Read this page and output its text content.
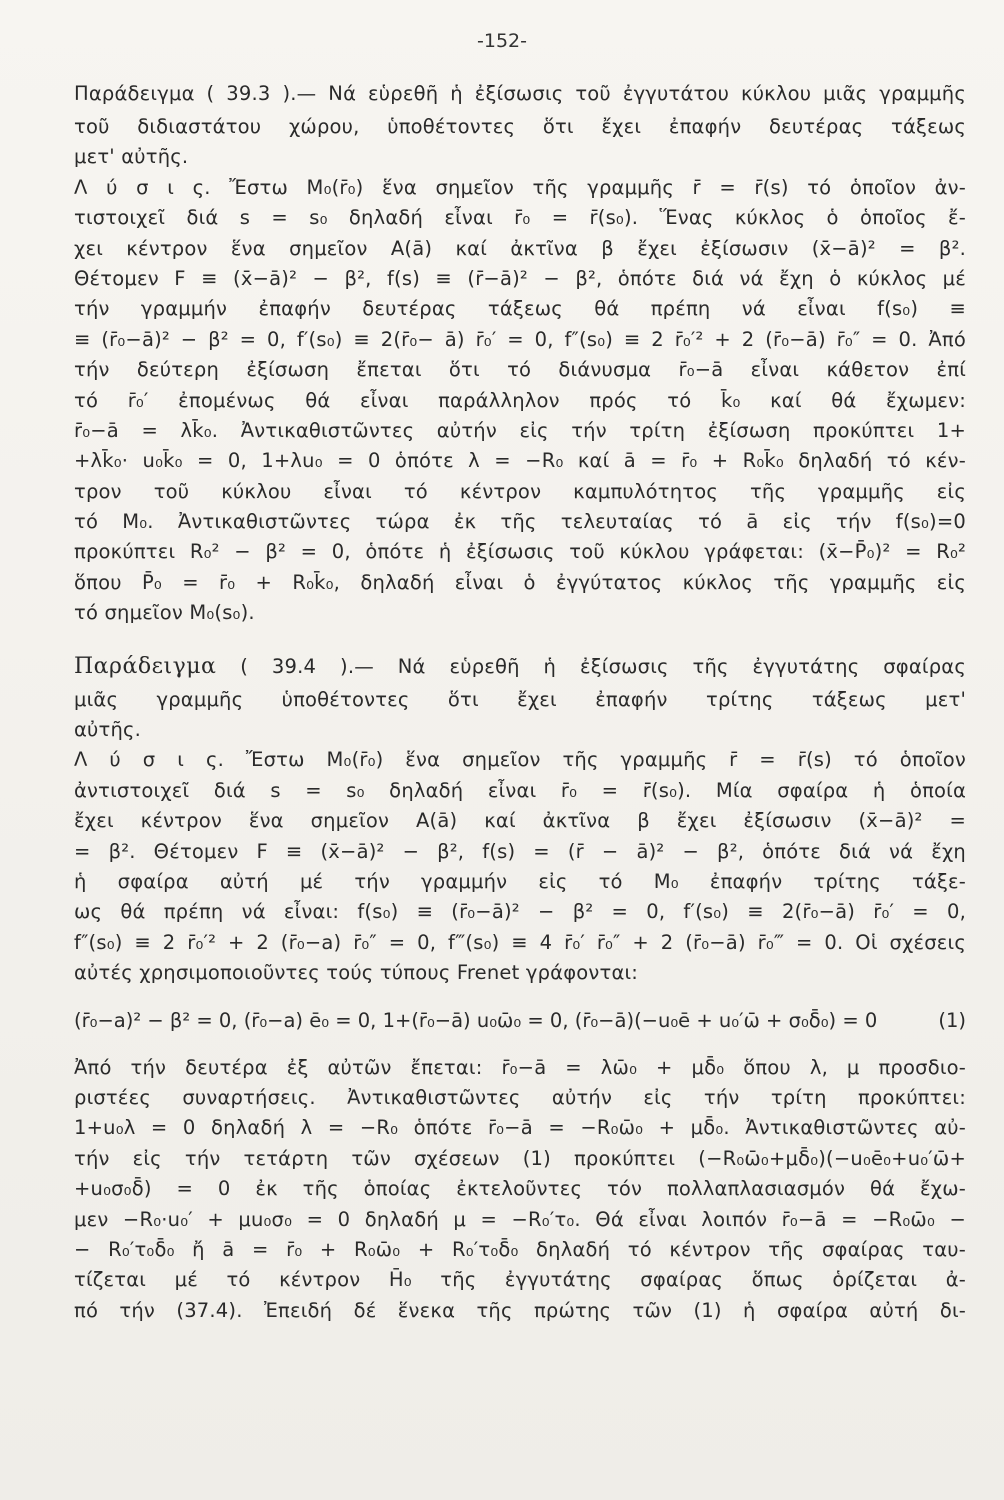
-152-
Παράδειγμα ( 39.3 ).— Νά εὑρεθῆ ἡ ἐξίσωσις τοῦ ἐγγυτάτου κύκλου μιᾶς γραμμῆς
τοῦ διδιαστάτου χώρου, ὑποθέτοντες ὅτι ἔχει ἐπαφήν δευτέρας τάξεως
μετ' αὐτῆς.
Λ ύ σ ι ς. Ἔστω M₀(r̄₀) ἕνα σημεῖον τῆς γραμμῆς r̄ = r̄(s) τό ὁποῖον ἀν-
τιστοιχεῖ διά s = s₀ δηλαδή εἶναι r̄₀ = r̄(s₀). Ἕνας κύκλος ὁ ὁποῖος ἔ-
χει κέντρον ἕνα σημεῖον A(ā) καί ἀκτῖνα β ἔχει ἐξίσωσιν (x̄−ā)² = β².
Θέτομεν F ≡ (x̄−ā)² − β², f(s) ≡ (r̄−ā)² − β², ὁπότε διά νά ἔχη ὁ κύκλος μέ
τήν γραμμήν ἐπαφήν δευτέρας τάξεως θά πρέπη νά εἶναι f(s₀) ≡
≡ (r̄₀−ā)² − β² = 0, f′(s₀) ≡ 2(r̄₀− ā) r̄₀′ = 0, f″(s₀) ≡ 2 r̄₀′² + 2 (r̄₀−ā) r̄₀″ = 0. Ἀπό
τήν δεύτερη ἐξίσωση ἔπεται ὅτι τό διάνυσμα r̄₀−ā εἶναι κάθετον ἐπί
τό r̄₀′ ἐπομένως θά εἶναι παράλληλον πρός τό k̄₀ καί θά ἔχωμεν:
r̄₀−ā = λk̄₀. Ἀντικαθιστῶντες αὐτήν εἰς τήν τρίτη ἐξίσωση προκύπτει 1+
+λk̄₀· u₀k̄₀ = 0, 1+λu₀ = 0 ὁπότε λ = −R₀ καί ā = r̄₀ + R₀k̄₀ δηλαδή τό κέν-
τρον τοῦ κύκλου εἶναι τό κέντρον καμπυλότητος τῆς γραμμῆς εἰς
τό M₀. Ἀντικαθιστῶντες τώρα ἐκ τῆς τελευταίας τό ā εἰς τήν f(s₀)=0
προκύπτει R₀² − β² = 0, ὁπότε ἡ ἐξίσωσις τοῦ κύκλου γράφεται: (x̄−P̄₀)² = R₀²
ὅπου P̄₀ = r̄₀ + R₀k̄₀, δηλαδή εἶναι ὁ ἐγγύτατος κύκλος τῆς γραμμῆς εἰς
τό σημεῖον M₀(s₀).
Παράδειγμα ( 39.4 ).— Νά εὑρεθῆ ἡ ἐξίσωσις τῆς ἐγγυτάτης σφαίρας
μιᾶς γραμμῆς ὑποθέτοντες ὅτι ἔχει ἐπαφήν τρίτης τάξεως μετ'
αὐτῆς.
Λ ύ σ ι ς. Ἔστω M₀(r̄₀) ἕνα σημεῖον τῆς γραμμῆς r̄ = r̄(s) τό ὁποῖον
ἀντιστοιχεῖ διά s = s₀ δηλαδή εἶναι r̄₀ = r̄(s₀). Μία σφαίρα ἡ ὁποία
ἔχει κέντρον ἕνα σημεῖον A(ā) καί ἀκτῖνα β ἔχει ἐξίσωσιν (x̄−ā)² =
= β². Θέτομεν F ≡ (x̄−ā)² − β², f(s) = (r̄ − ā)² − β², ὁπότε διά νά ἔχη
ἡ σφαίρα αὐτή μέ τήν γραμμήν εἰς τό M₀ ἐπαφήν τρίτης τάξε-
ως θά πρέπη νά εἶναι: f(s₀) ≡ (r̄₀−ā)² − β² = 0, f′(s₀) ≡ 2(r̄₀−ā) r̄₀′ = 0,
f″(s₀) ≡ 2 r̄₀′² + 2 (r̄₀−a) r̄₀″ = 0, f‴(s₀) ≡ 4 r̄₀′ r̄₀″ + 2 (r̄₀−ā) r̄₀‴ = 0. Οἱ σχέσεις
αὐτές χρησιμοποιοῦντες τούς τύπους Frenet γράφονται:
(r̄₀−a)² − β² = 0, (r̄₀−a) ē₀ = 0, 1+(r̄₀−ā) u₀ω̄₀ = 0, (r̄₀−ā)(−u₀ē + u₀′ω̄ + σ₀δ̄₀) = 0	(1)
Ἀπό τήν δευτέρα ἐξ αὐτῶν ἔπεται: r̄₀−ā = λω̄₀ + μδ̄₀ ὅπου λ, μ προσδιο-
ριστέες συναρτήσεις. Ἀντικαθιστῶντες αὐτήν εἰς τήν τρίτη προκύπτει:
1+u₀λ = 0 δηλαδή λ = −R₀ ὁπότε r̄₀−ā = −R₀ω̄₀ + μδ̄₀. Ἀντικαθιστῶντες αὐ-
τήν εἰς τήν τετάρτη τῶν σχέσεων (1) προκύπτει (−R₀ω̄₀+μδ̄₀)(−u₀ē₀+u₀′ω̄+
+u₀σ₀δ̄) = 0 ἐκ τῆς ὁποίας ἐκτελοῦντες τόν πολλαπλασιασμόν θά ἔχω-
μεν −R₀·u₀′ + μu₀σ₀ = 0 δηλαδή μ = −R₀′τ₀. Θά εἶναι λοιπόν r̄₀−ā = −R₀ω̄₀ −
− R₀′τ₀δ̄₀ ἤ ā = r̄₀ + R₀ω̄₀ + R₀′τ₀δ̄₀ δηλαδή τό κέντρον τῆς σφαίρας ταυ-
τίζεται μέ τό κέντρον H̄₀ τῆς ἐγγυτάτης σφαίρας ὅπως ὁρίζεται ἀ-
πό τήν (37.4). Ἐπειδή δέ ἕνεκα τῆς πρώτης τῶν (1) ἡ σφαίρα αὐτή δι-
